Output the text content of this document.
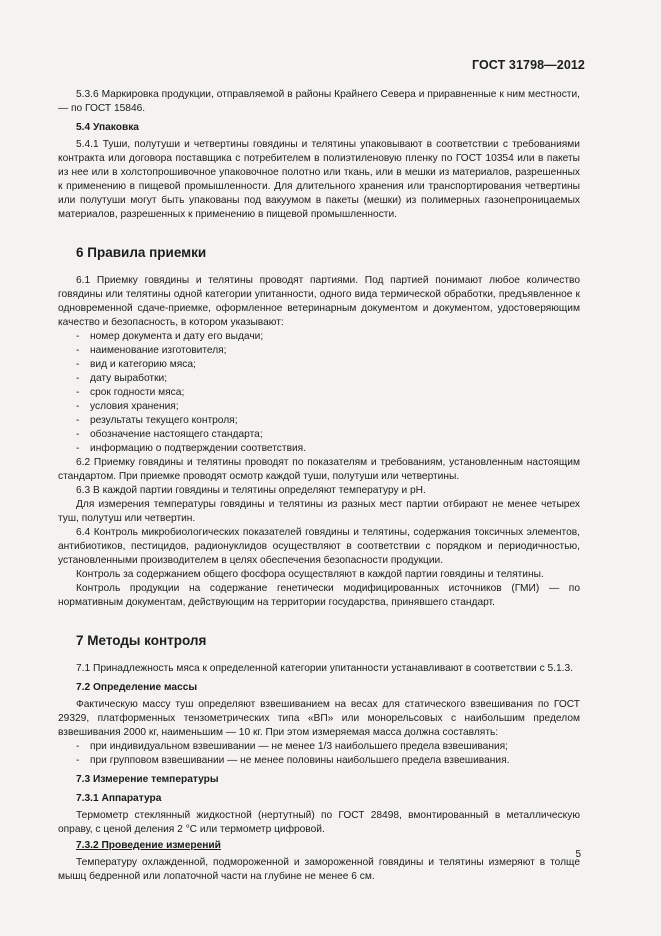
ГОСТ 31798—2012

5.3.6 Маркировка продукции, отправляемой в районы Крайнего Севера и приравненные к ним местности, — по ГОСТ 15846.

5.4 Упаковка

5.4.1 Туши, полутуши и четвертины говядины и телятины упаковывают в соответствии с требованиями контракта или договора поставщика с потребителем в полиэтиленовую пленку по ГОСТ 10354 или в пакеты из нее или в холстопрошивочное упаковочное полотно или ткань, или в мешки из материалов, разрешенных к применению в пищевой промышленности. Для длительного хранения или транспортирования четвертины или полутуши могут быть упакованы под вакуумом в пакеты (мешки) из полимерных газонепроницаемых материалов, разрешенных к применению в пищевой промышленности.

6 Правила приемки

6.1 Приемку говядины и телятины проводят партиями. Под партией понимают любое количество говядины или телятины одной категории упитанности, одного вида термической обработки, предъявленное к одновременной сдаче-приемке, оформленное ветеринарным документом и документом, удостоверяющим качество и безопасность, в котором указывают:

- номер документа и дату его выдачи;
- наименование изготовителя;
- вид и категорию мяса;
- дату выработки;
- срок годности мяса;
- условия хранения;
- результаты текущего контроля;
- обозначение настоящего стандарта;
- информацию о подтверждении соответствия.

6.2 Приемку говядины и телятины проводят по показателям и требованиям, установленным настоящим стандартом. При приемке проводят осмотр каждой туши, полутуши или четвертины.

6.3 В каждой партии говядины и телятины определяют температуру и pH.

Для измерения температуры говядины и телятины из разных мест партии отбирают не менее четырех туш, полутуш или четвертин.

6.4 Контроль микробиологических показателей говядины и телятины, содержания токсичных элементов, антибиотиков, пестицидов, радионуклидов осуществляют в соответствии с порядком и периодичностью, установленными производителем в целях обеспечения безопасности продукции.

Контроль за содержанием общего фосфора осуществляют в каждой партии говядины и телятины.

Контроль продукции на содержание генетически модифицированных источников (ГМИ) — по нормативным документам, действующим на территории государства, принявшего стандарт.

7 Методы контроля

7.1 Принадлежность мяса к определенной категории упитанности устанавливают в соответствии с 5.1.3.

7.2 Определение массы

Фактическую массу туш определяют взвешиванием на весах для статического взвешивания по ГОСТ 29329, платформенных тензометрических типа «ВП» или монорельсовых с наибольшим пределом взвешивания 2000 кг, наименьшим — 10 кг. При этом измеряемая масса должна составлять:

- при индивидуальном взвешивании — не менее 1/3 наибольшего предела взвешивания;
- при групповом взвешивании — не менее половины наибольшего предела взвешивания.
7.3 Измерение температуры
7.3.1 Аппаратура

Термометр стеклянный жидкостной (нертутный) по ГОСТ 28498, вмонтированный в металлическую оправу, с ценой деления 2 °С или термометр цифровой.

7.3.2 Проведение измерений

Температуру охлажденной, подмороженной и замороженной говядины и телятины измеряют в толще мышц бедренной или лопаточной части на глубине не менее 6 см.

5
